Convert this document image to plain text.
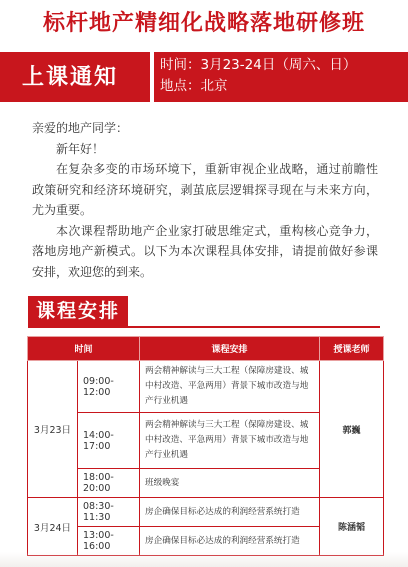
标杆地产精细化战略落地研修班
上课通知	时间：3月23-24日（周六、日）
地点：北京

亲爱的地产同学：

新年好！

在复杂多变的市场环境下，重新审视企业战略，通过前瞻性政策研究和经济环境研究，剥茧底层逻辑探寻现在与未来方向，尤为重要。

本次课程帮助地产企业家打破思维定式，重构核心竞争力，落地房地产新模式。以下为本次课程具体安排，请提前做好参课安排，欢迎您的到来。

课程安排
时间		课程安排	授课老师
3月23日	09:00-12:00	两会精神解读与三大工程（保障房建设、城中村改造、平急两用）背景下城市改造与地产行业机遇	郭巍
	14:00-17:00	两会精神解读与三大工程（保障房建设、城中村改造、平急两用）背景下城市改造与地产行业机遇	
	18:00-20:00	班级晚宴	
3月24日	08:30-11:30	房企确保目标必达成的利润经营系统打造	陈涵韬
	13:00-16:00	房企确保目标必达成的利润经营系统打造	
